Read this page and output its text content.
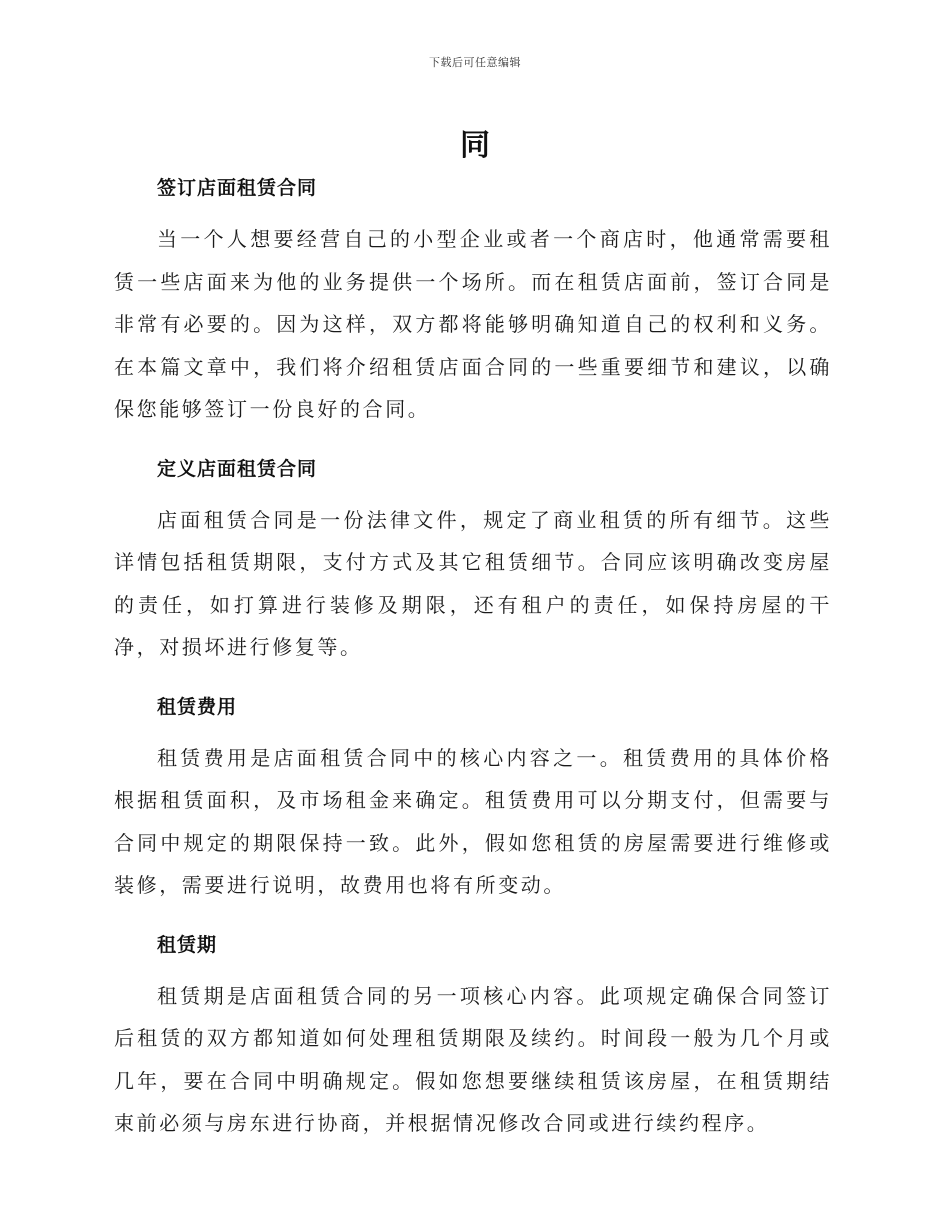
下载后可任意编辑
同
签订店面租赁合同

当一个人想要经营自己的小型企业或者一个商店时，他通常需要租赁一些店面来为他的业务提供一个场所。而在租赁店面前，签订合同是非常有必要的。因为这样，双方都将能够明确知道自己的权利和义务。在本篇文章中，我们将介绍租赁店面合同的一些重要细节和建议，以确保您能够签订一份良好的合同。

定义店面租赁合同

店面租赁合同是一份法律文件，规定了商业租赁的所有细节。这些详情包括租赁期限，支付方式及其它租赁细节。合同应该明确改变房屋的责任，如打算进行装修及期限，还有租户的责任，如保持房屋的干净，对损坏进行修复等。

租赁费用

租赁费用是店面租赁合同中的核心内容之一。租赁费用的具体价格根据租赁面积，及市场租金来确定。租赁费用可以分期支付，但需要与合同中规定的期限保持一致。此外，假如您租赁的房屋需要进行维修或装修，需要进行说明，故费用也将有所变动。

租赁期

租赁期是店面租赁合同的另一项核心内容。此项规定确保合同签订后租赁的双方都知道如何处理租赁期限及续约。时间段一般为几个月或几年，要在合同中明确规定。假如您想要继续租赁该房屋，在租赁期结束前必须与房东进行协商，并根据情况修改合同或进行续约程序。
